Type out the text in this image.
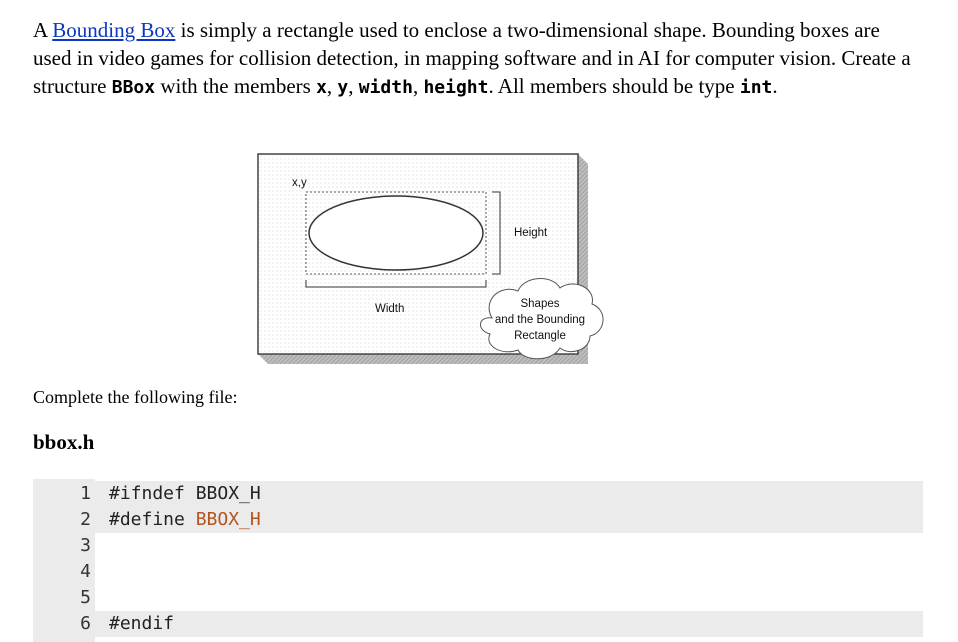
A Bounding Box is simply a rectangle used to enclose a two-dimensional shape. Bounding boxes are used in video games for collision detection, in mapping software and in AI for computer vision. Create a structure BBox with the members x, y, width, height. All members should be type int.

x,y
Height
Width	Shapes
and the Bounding
Rectangle

Complete the following file:

bbox.h

1 #ifndef BBOX_H
2 #define BBOX_H
3
4
5
6 #endif
